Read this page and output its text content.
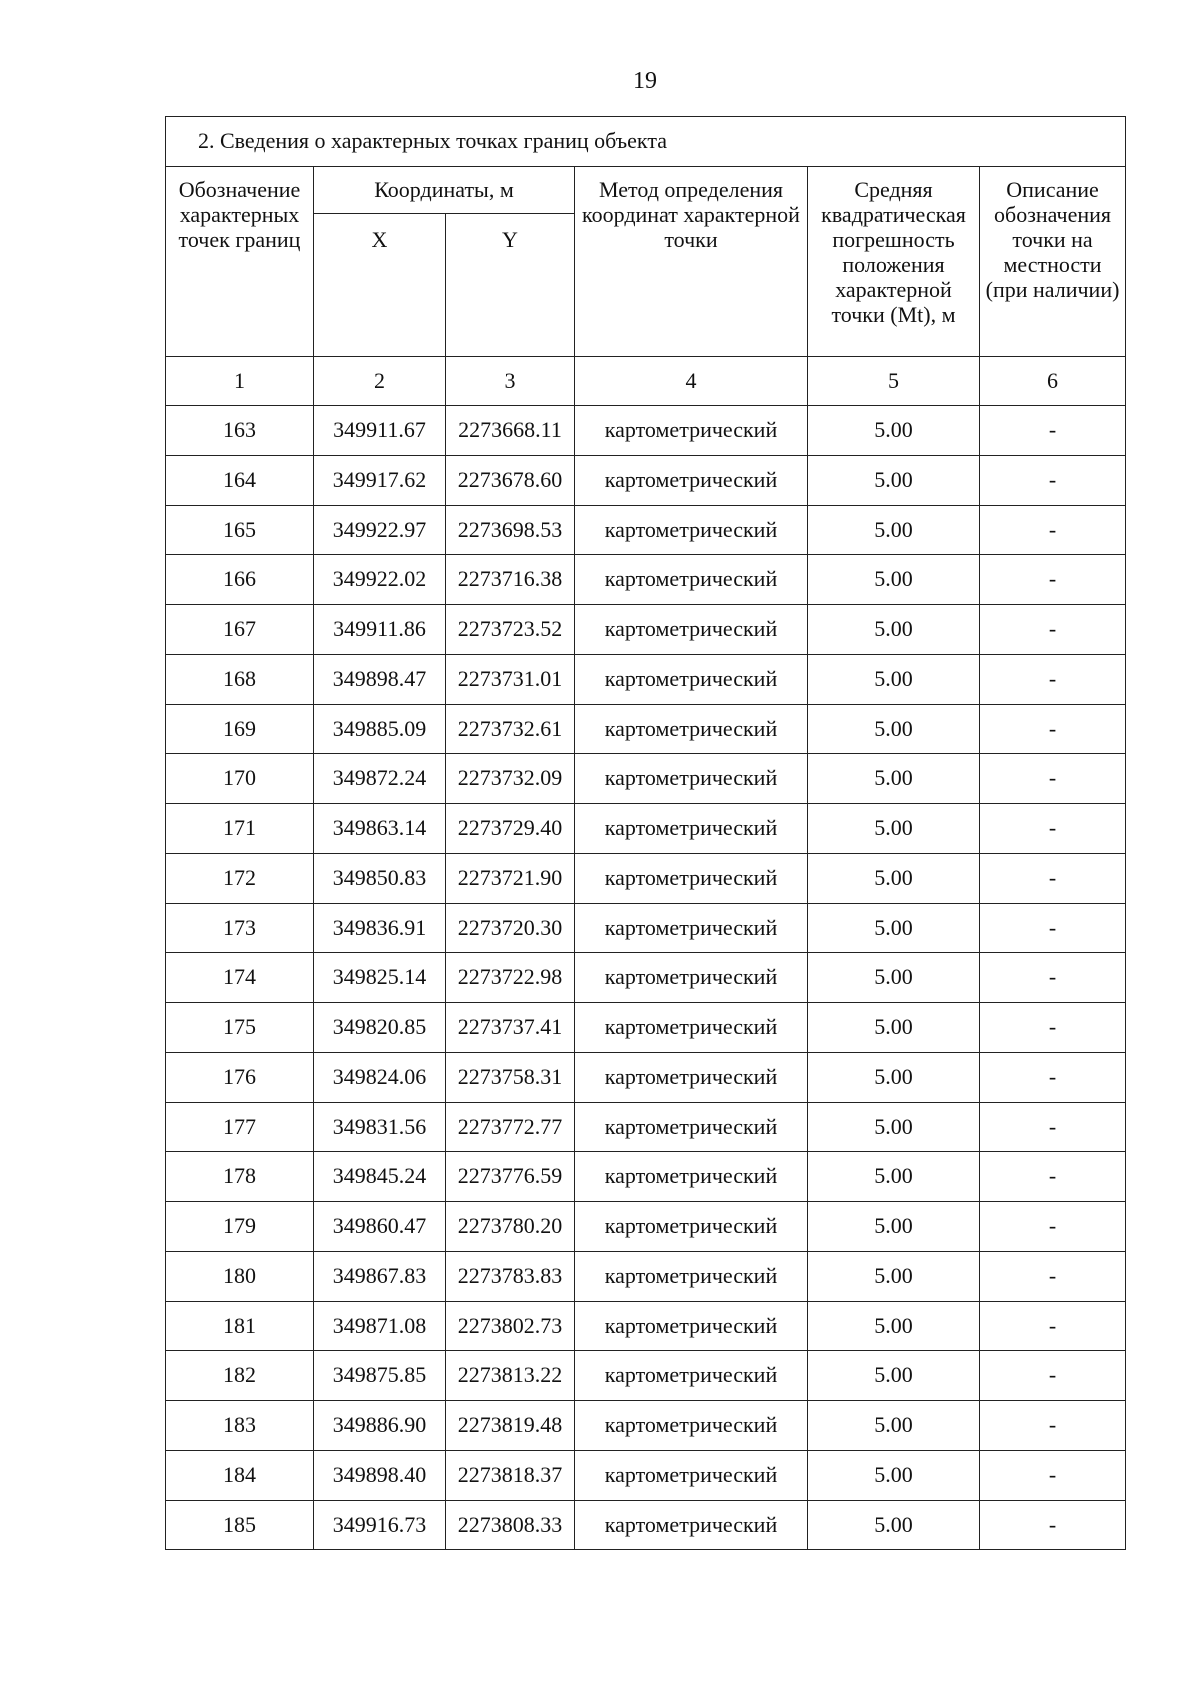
19
2. Сведения о характерных точках границ объекта					
Обозначение характерных точек границ	Координаты, м		Метод определения координат характерной точки	Средняя квадратическая погрешность положения характерной точки (Mt), м	Описание обозначения точки на местности (при наличии)
	X	Y			
1	2	3	4	5	6
163	349911.67	2273668.11	картометрический	5.00	-
164	349917.62	2273678.60	картометрический	5.00	-
165	349922.97	2273698.53	картометрический	5.00	-
166	349922.02	2273716.38	картометрический	5.00	-
167	349911.86	2273723.52	картометрический	5.00	-
168	349898.47	2273731.01	картометрический	5.00	-
169	349885.09	2273732.61	картометрический	5.00	-
170	349872.24	2273732.09	картометрический	5.00	-
171	349863.14	2273729.40	картометрический	5.00	-
172	349850.83	2273721.90	картометрический	5.00	-
173	349836.91	2273720.30	картометрический	5.00	-
174	349825.14	2273722.98	картометрический	5.00	-
175	349820.85	2273737.41	картометрический	5.00	-
176	349824.06	2273758.31	картометрический	5.00	-
177	349831.56	2273772.77	картометрический	5.00	-
178	349845.24	2273776.59	картометрический	5.00	-
179	349860.47	2273780.20	картометрический	5.00	-
180	349867.83	2273783.83	картометрический	5.00	-
181	349871.08	2273802.73	картометрический	5.00	-
182	349875.85	2273813.22	картометрический	5.00	-
183	349886.90	2273819.48	картометрический	5.00	-
184	349898.40	2273818.37	картометрический	5.00	-
185	349916.73	2273808.33	картометрический	5.00	-
